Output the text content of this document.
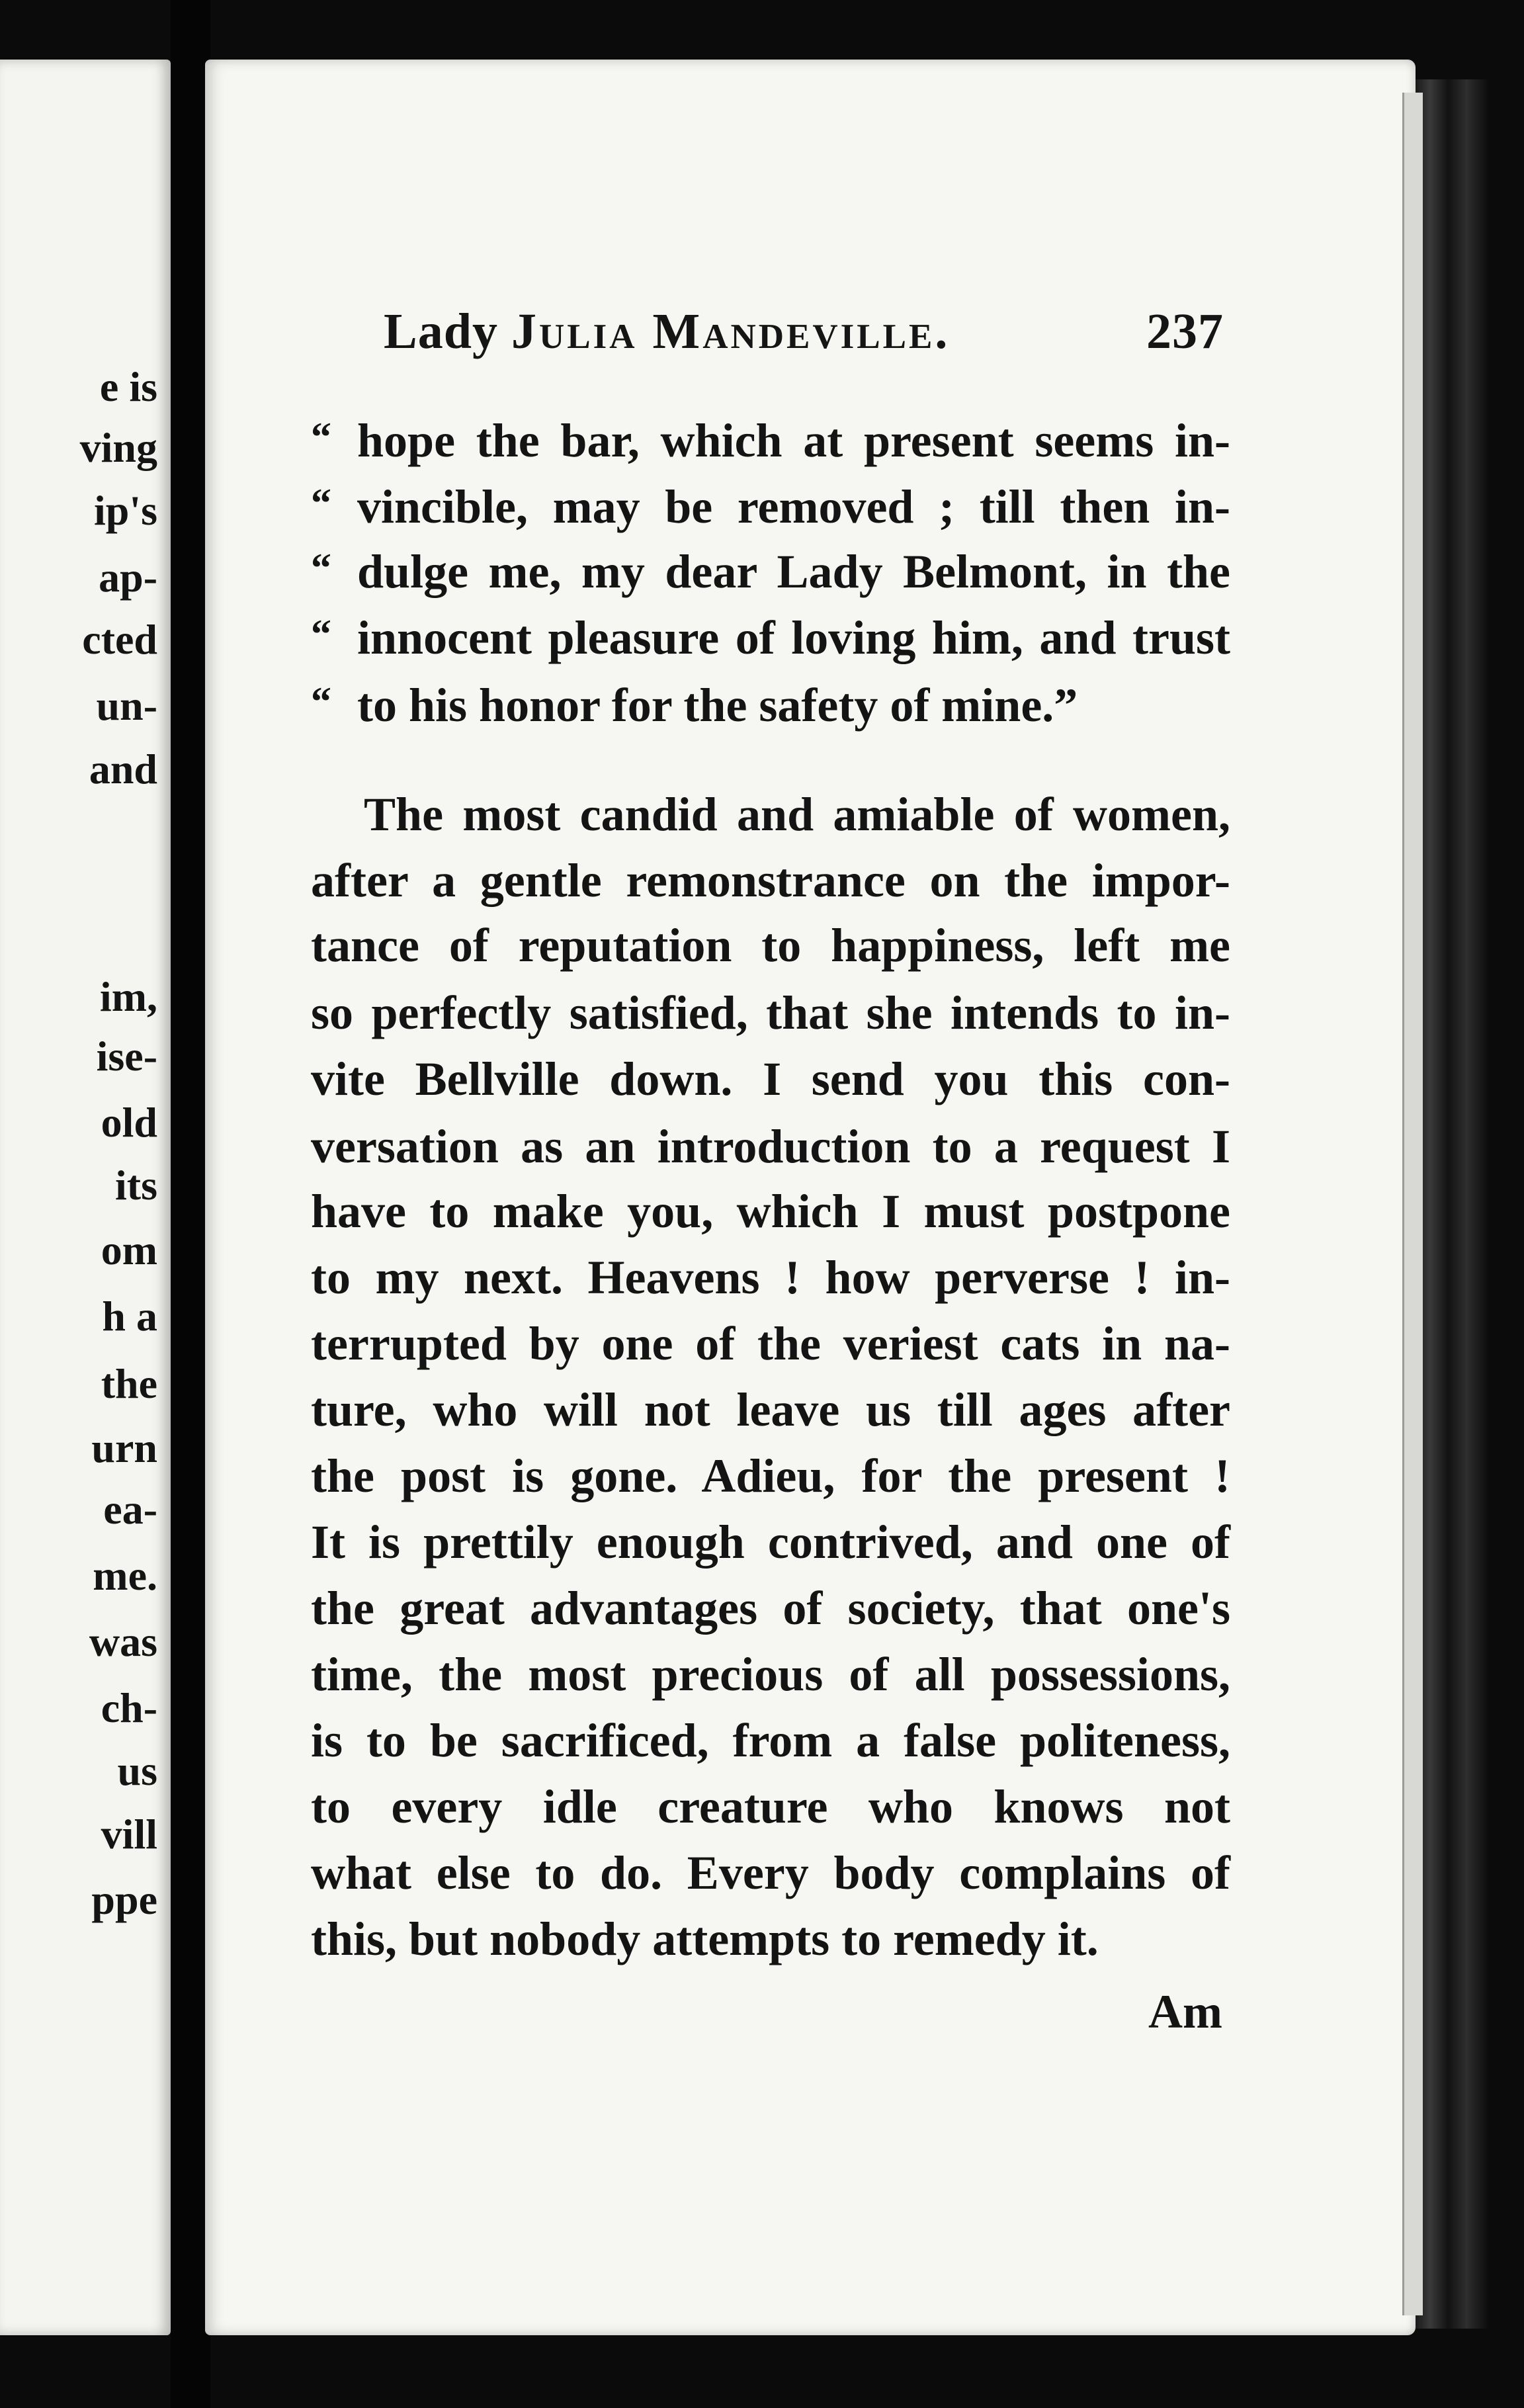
e is

ving

ip's

ap-

cted

un-

and

im,

ise-

old

its

om

h a

the

urn

ea-

me.

was

ch-

us

vill

ppe

Lady Julia Mandeville.	237
“ hope the bar, which at present seems in-
“ vincible, may be removed ; till then in-
“ dulge me, my dear Lady Belmont, in the
“ innocent pleasure of loving him, and trust
“ to his honor for the safety of mine.”

The most candid and amiable of women,

after a gentle remonstrance on the impor-

tance of reputation to happiness, left me

so perfectly satisfied, that she intends to in-

vite Bellville down. I send you this con-

versation as an introduction to a request I

have to make you, which I must postpone

to my next. Heavens ! how perverse ! in-

terrupted by one of the veriest cats in na-

ture, who will not leave us till ages after

the post is gone. Adieu, for the present !

It is prettily enough contrived, and one of

the great advantages of society, that one's

time, the most precious of all possessions,

is to be sacrificed, from a false politeness,

to every idle creature who knows not

what else to do. Every body complains of

this, but nobody attempts to remedy it.

Am
